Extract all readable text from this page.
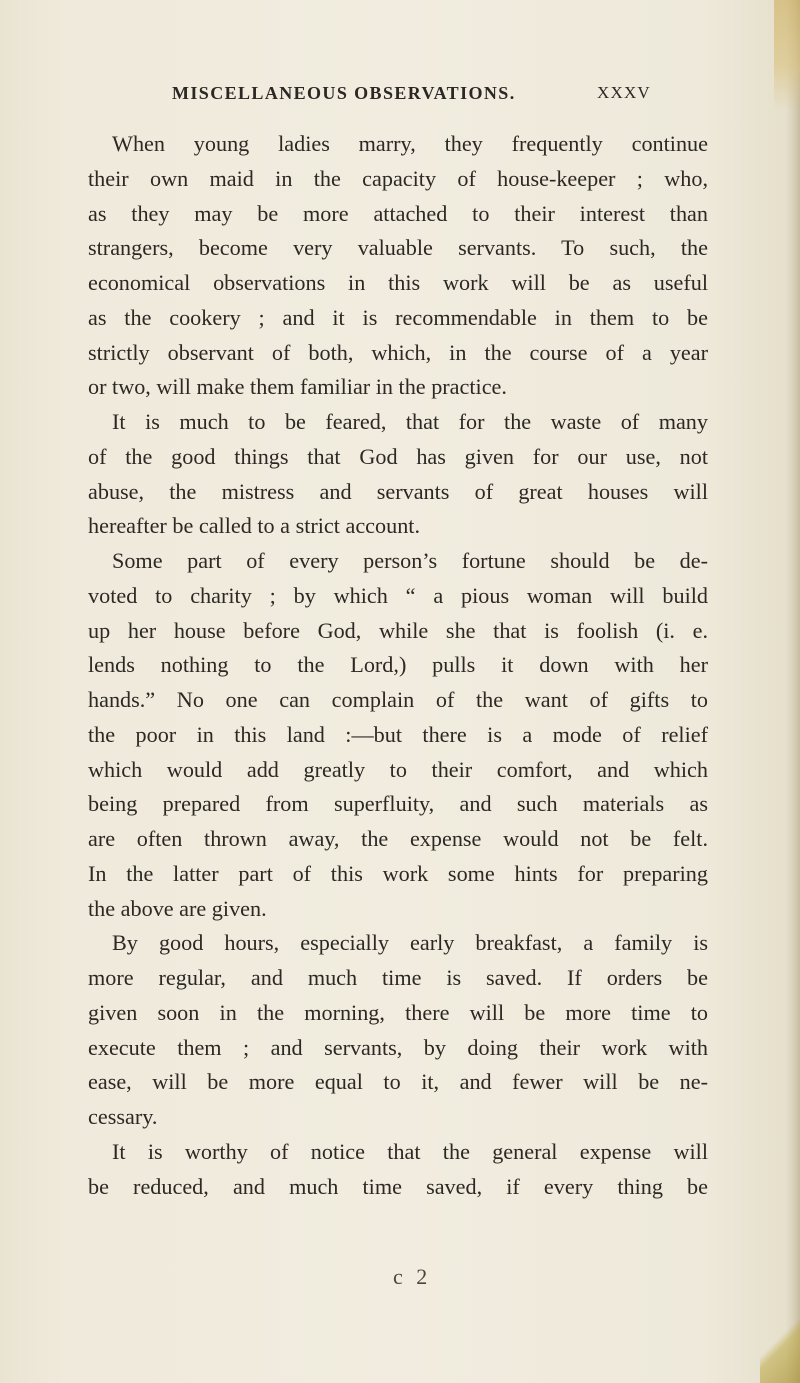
MISCELLANEOUS OBSERVATIONS.	XXXV
When young ladies marry, they frequently continue
their own maid in the capacity of house-keeper ; who,
as they may be more attached to their interest than
strangers, become very valuable servants. To such, the
economical observations in this work will be as useful
as the cookery ; and it is recommendable in them to be
strictly observant of both, which, in the course of a year
or two, will make them familiar in the practice.
It is much to be feared, that for the waste of many
of the good things that God has given for our use, not
abuse, the mistress and servants of great houses will
hereafter be called to a strict account.
Some part of every person’s fortune should be de-
voted to charity ; by which “ a pious woman will build
up her house before God, while she that is foolish (i. e.
lends nothing to the Lord,) pulls it down with her
hands.” No one can complain of the want of gifts to
the poor in this land :—but there is a mode of relief
which would add greatly to their comfort, and which
being prepared from superfluity, and such materials as
are often thrown away, the expense would not be felt.
In the latter part of this work some hints for preparing
the above are given.
By good hours, especially early breakfast, a family is
more regular, and much time is saved. If orders be
given soon in the morning, there will be more time to
execute them ; and servants, by doing their work with
ease, will be more equal to it, and fewer will be ne-
cessary.
It is worthy of notice that the general expense will
be reduced, and much time saved, if every thing be
c 2
